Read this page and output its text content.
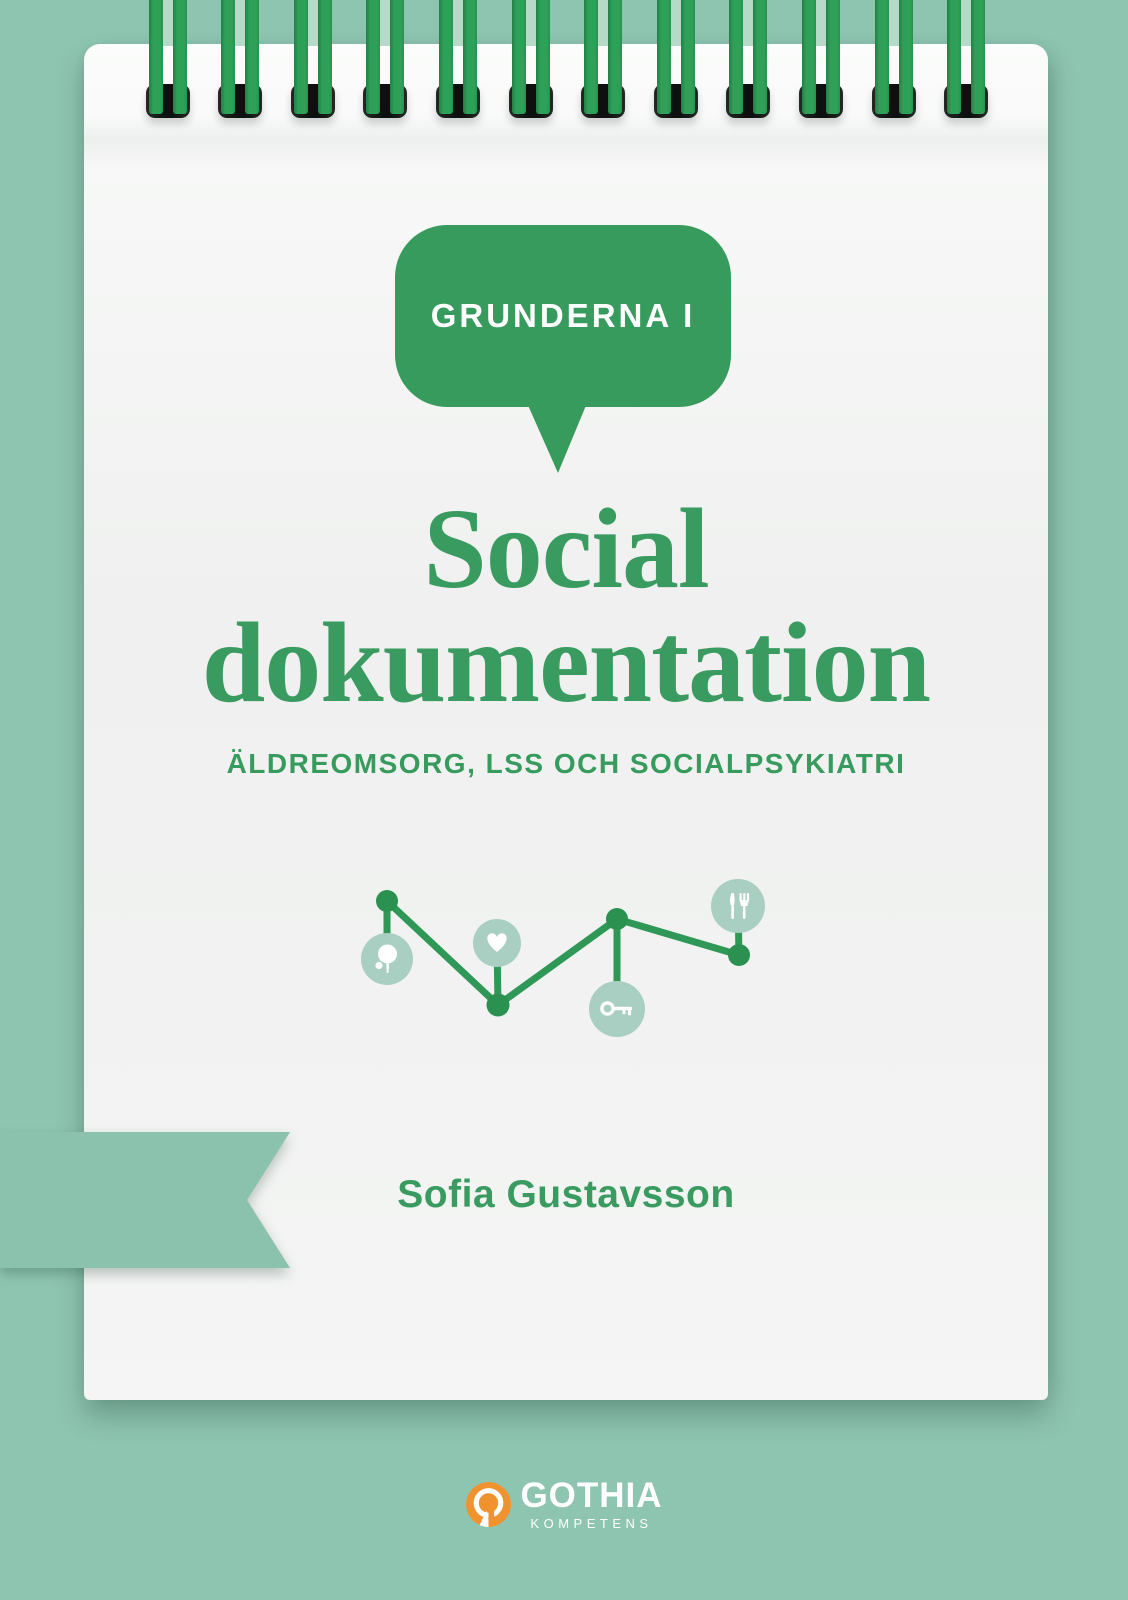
GRUNDERNA I
Social
dokumentation
ÄLDREOMSORG, LSS OCH SOCIALPSYKIATRI
Sofia Gustavsson
GOTHIA
KOMPETENS
